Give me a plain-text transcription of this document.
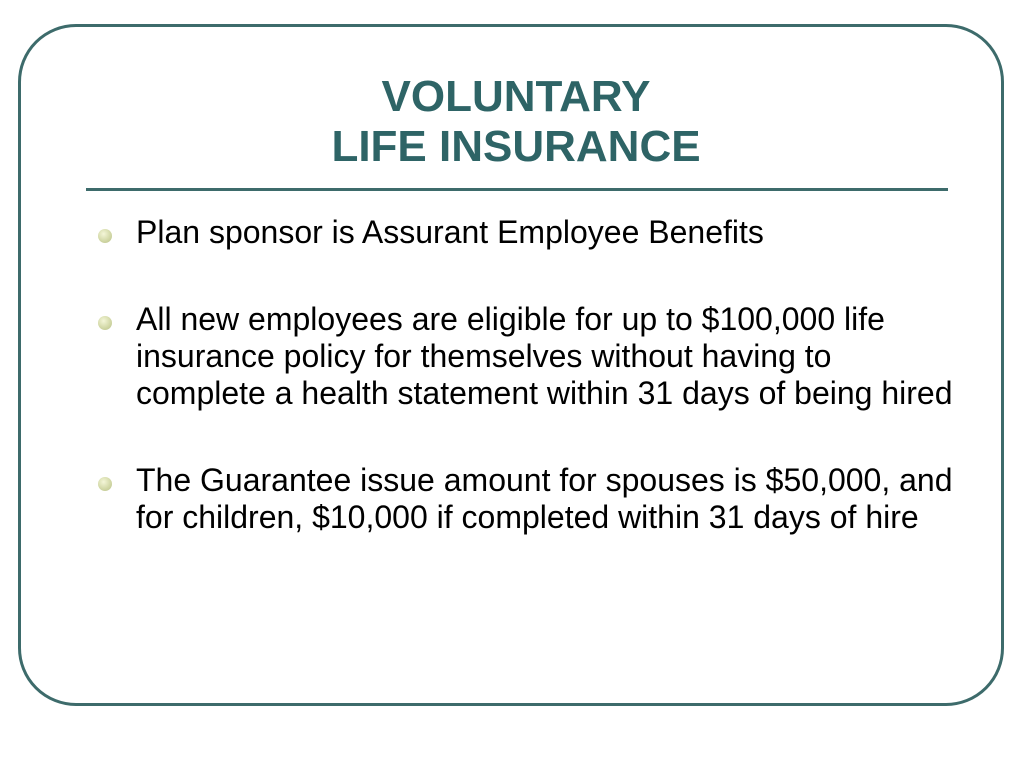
VOLUNTARY
LIFE INSURANCE
Plan sponsor is Assurant Employee Benefits
All new employees are eligible for up to $100,000 life insurance policy for themselves without having to complete a health statement within 31 days of being hired
The Guarantee issue amount for spouses is $50,000, and for children, $10,000 if completed within 31 days of hire
